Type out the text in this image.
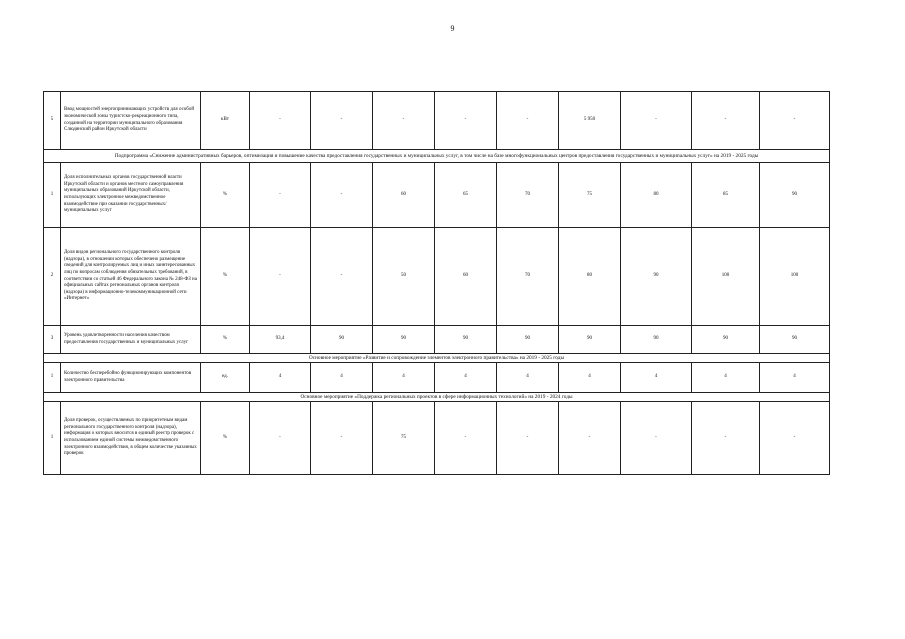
9
5	Ввод мощностей энергопринимающих устройств для особой экономической зоны туристско-рекреационного типа, созданной на территории муниципального образования Слюдянский район Иркутской области	кВт	-	-	-	-	-	5 950	-	-	-
Подпрограмма «Снижение административных барьеров, оптимизация и повышение качества предоставления государственных и муниципальных услуг, в том числе на базе многофункциональных центров предоставления государственных и муниципальных услуг» на 2019 - 2025 годы											
1	Доля исполнительных органов государственной власти Иркутской области и органов местного самоуправления муниципальных образований Иркутской области, использующих электронное межведомственное взаимодействие при оказании государственных/муниципальных услуг	%	-	-	60	65	70	75	80	85	90
2	Доля видов регионального государственного контроля (надзора), в отношении которых обеспечено размещение сведений для контролируемых лиц и иных заинтересованных лиц по вопросам соблюдения обязательных требований, в соответствии со статьей 46 Федерального закона № 248-ФЗ на официальных сайтах региональных органов контроля (надзора) в информационно-телекоммуникационной сети «Интернет»	%	-	-	50	60	70	80	90	100	100
3	Уровень удовлетворенности населения качеством предоставления государственных и муниципальных услуг	%	93,4	90	90	90	90	90	90	90	90
Основное мероприятие «Развитие и сопровождение элементов электронного правительства» на 2019 - 2025 годы											
1	Количество бесперебойно функционирующих компонентов электронного правительства	ед.	4	4	4	4	4	4	4	4	4
Основное мероприятие «Поддержка региональных проектов в сфере информационных технологий» на 2019 - 2024 годы											
1	Доля проверок, осуществляемых по приоритетным видам регионального государственного контроля (надзора), информация о которых вносится в единый реестр проверок с использованием единой системы межведомственного электронного взаимодействия, в общем количестве указанных проверок	%	-	-	75	-	-	-	-	-	-
